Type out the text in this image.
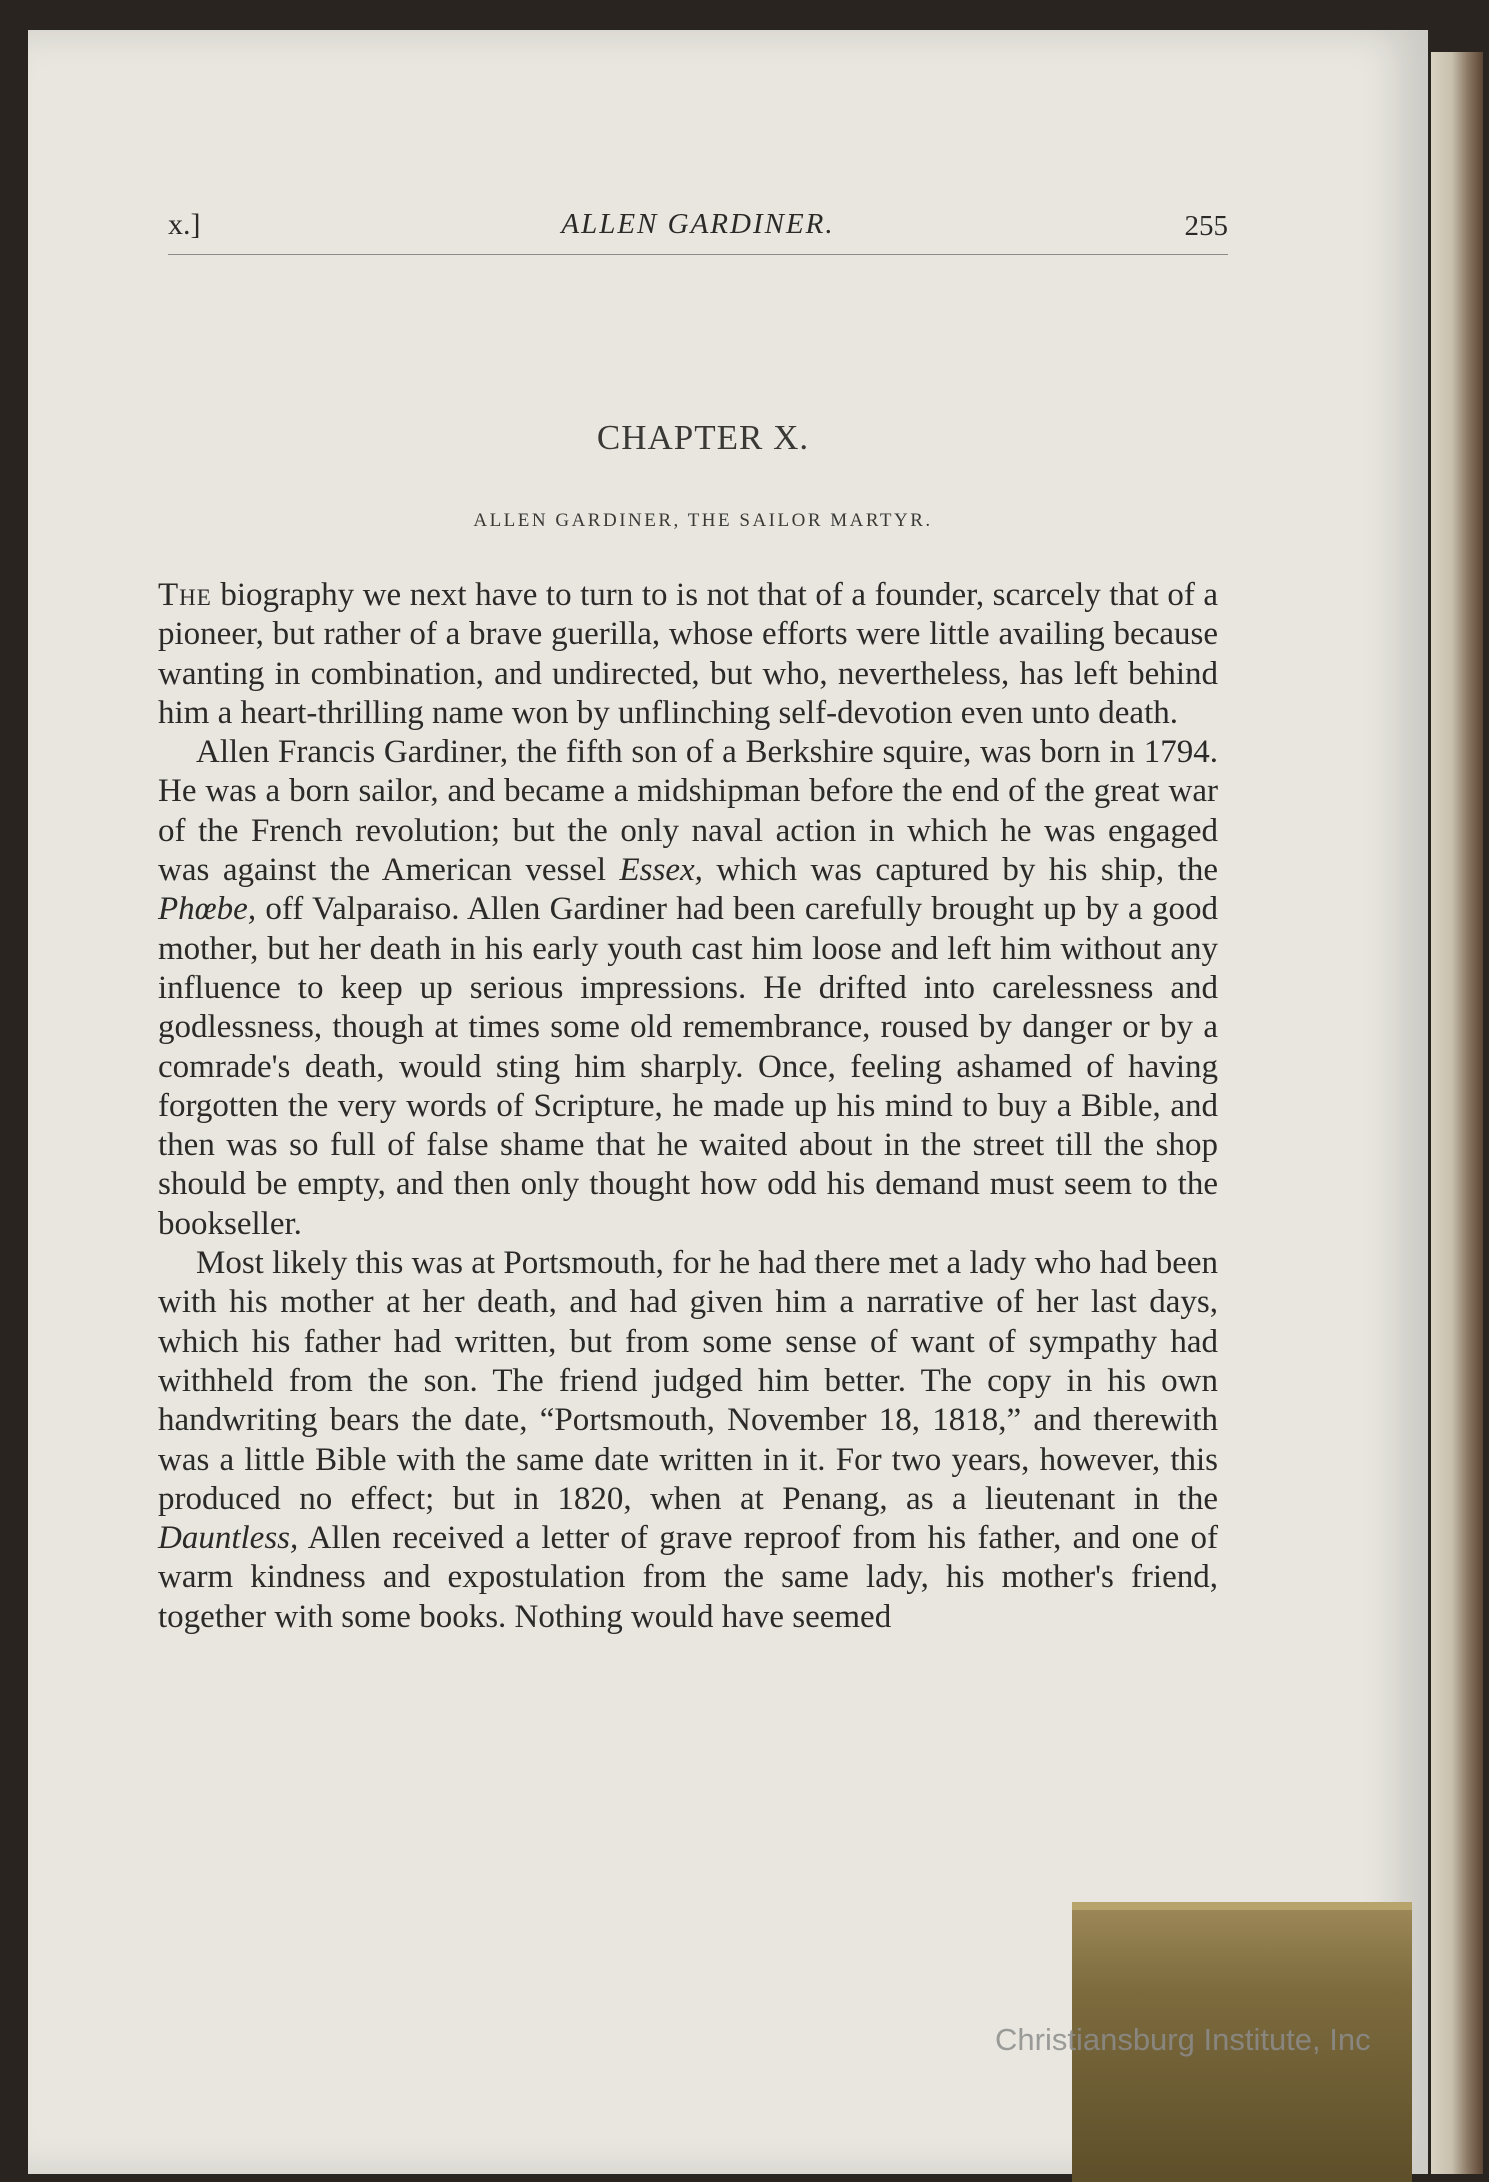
x.]	ALLEN GARDINER.	255
CHAPTER X.
ALLEN GARDINER, THE SAILOR MARTYR.

The biography we next have to turn to is not that of a founder, scarcely that of a pioneer, but rather of a brave guerilla, whose efforts were little availing because wanting in combination, and undirected, but who, nevertheless, has left behind him a heart-thrilling name won by unflinching self-devotion even unto death.

Allen Francis Gardiner, the fifth son of a Berkshire squire, was born in 1794. He was a born sailor, and became a midshipman before the end of the great war of the French revolution; but the only naval action in which he was engaged was against the American vessel Essex, which was captured by his ship, the Phœbe, off Valparaiso. Allen Gardiner had been carefully brought up by a good mother, but her death in his early youth cast him loose and left him without any influence to keep up serious impressions. He drifted into carelessness and godlessness, though at times some old remembrance, roused by danger or by a comrade's death, would sting him sharply. Once, feeling ashamed of having forgotten the very words of Scripture, he made up his mind to buy a Bible, and then was so full of false shame that he waited about in the street till the shop should be empty, and then only thought how odd his demand must seem to the bookseller.

Most likely this was at Portsmouth, for he had there met a lady who had been with his mother at her death, and had given him a narrative of her last days, which his father had written, but from some sense of want of sympathy had withheld from the son. The friend judged him better. The copy in his own handwriting bears the date, “Portsmouth, November 18, 1818,” and therewith was a little Bible with the same date written in it. For two years, however, this produced no effect; but in 1820, when at Penang, as a lieutenant in the Dauntless, Allen received a letter of grave reproof from his father, and one of warm kindness and expostulation from the same lady, his mother's friend, together with some books. Nothing would have seemed

Christiansburg Institute, Inc
